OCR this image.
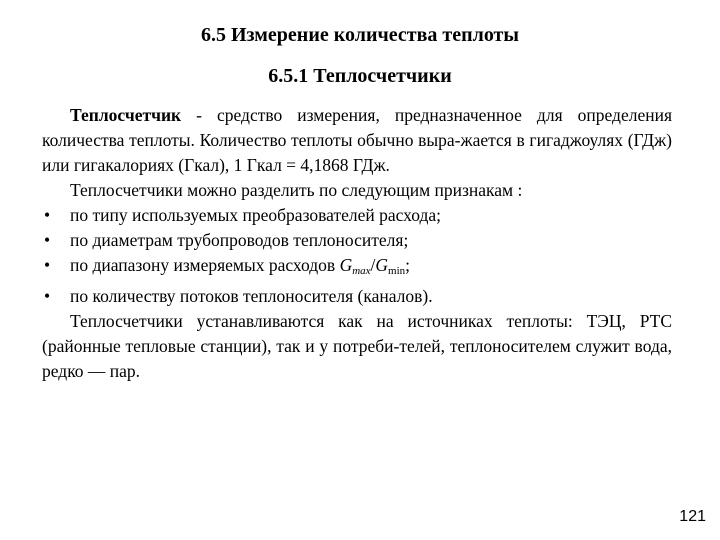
6.5 Измерение количества теплоты
6.5.1 Теплосчетчики
Теплосчетчик - средство измерения, предназначенное для определения количества теплоты. Количество теплоты обычно выра-жается в гигаджоулях (ГДж) или гигакалориях (Гкал), 1 Гкал = 4,1868 ГДж.
Теплосчетчики можно разделить по следующим признакам :
• по типу используемых преобразователей расхода;
• по диаметрам трубопроводов теплоносителя;
• по диапазону измеряемых расходов $G_{max}/G_{min}$;
• по количеству потоков теплоносителя (каналов).
Теплосчетчики устанавливаются как на источниках теплоты: ТЭЦ, РТС (районные тепловые станции), так и у потреби-телей, теплоносителем служит вода, редко — пар.
121
